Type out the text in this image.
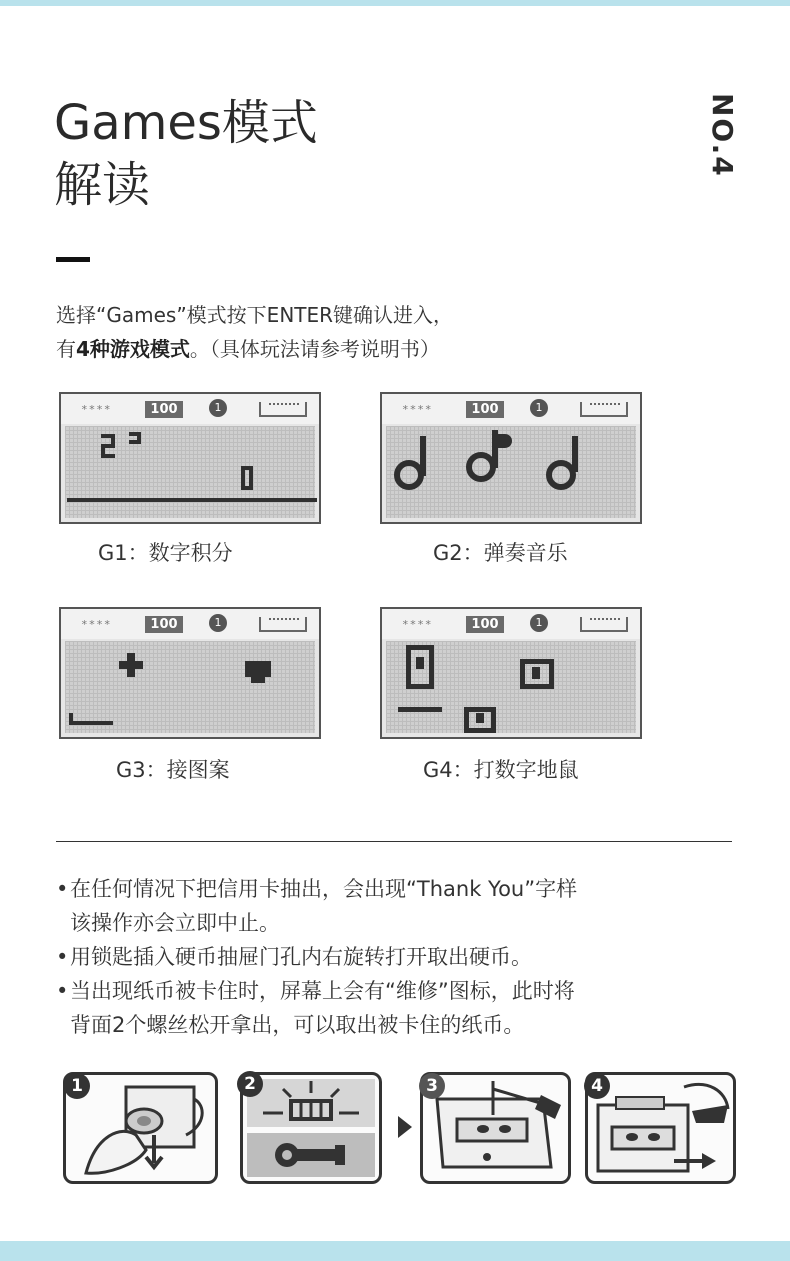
Games模式
解读
NO.4
选择“Games”模式按下ENTER键确认进入，
有4种游戏模式。（具体玩法请参考说明书）
****	100	1
G1：数字积分
****	100	1
G2：弹奏音乐
****	100	1
G3：接图案
****	100	1
G4：打数字地鼠
• 在任何情况下把信用卡抽出，会出现“Thank You”字样
该操作亦会立即中止。
• 用锁匙插入硬币抽屉门孔内右旋转打开取出硬币。
• 当出现纸币被卡住时，屏幕上会有“维修”图标，此时将
背面2个螺丝松开拿出，可以取出被卡住的纸币。
1	2	3	4
